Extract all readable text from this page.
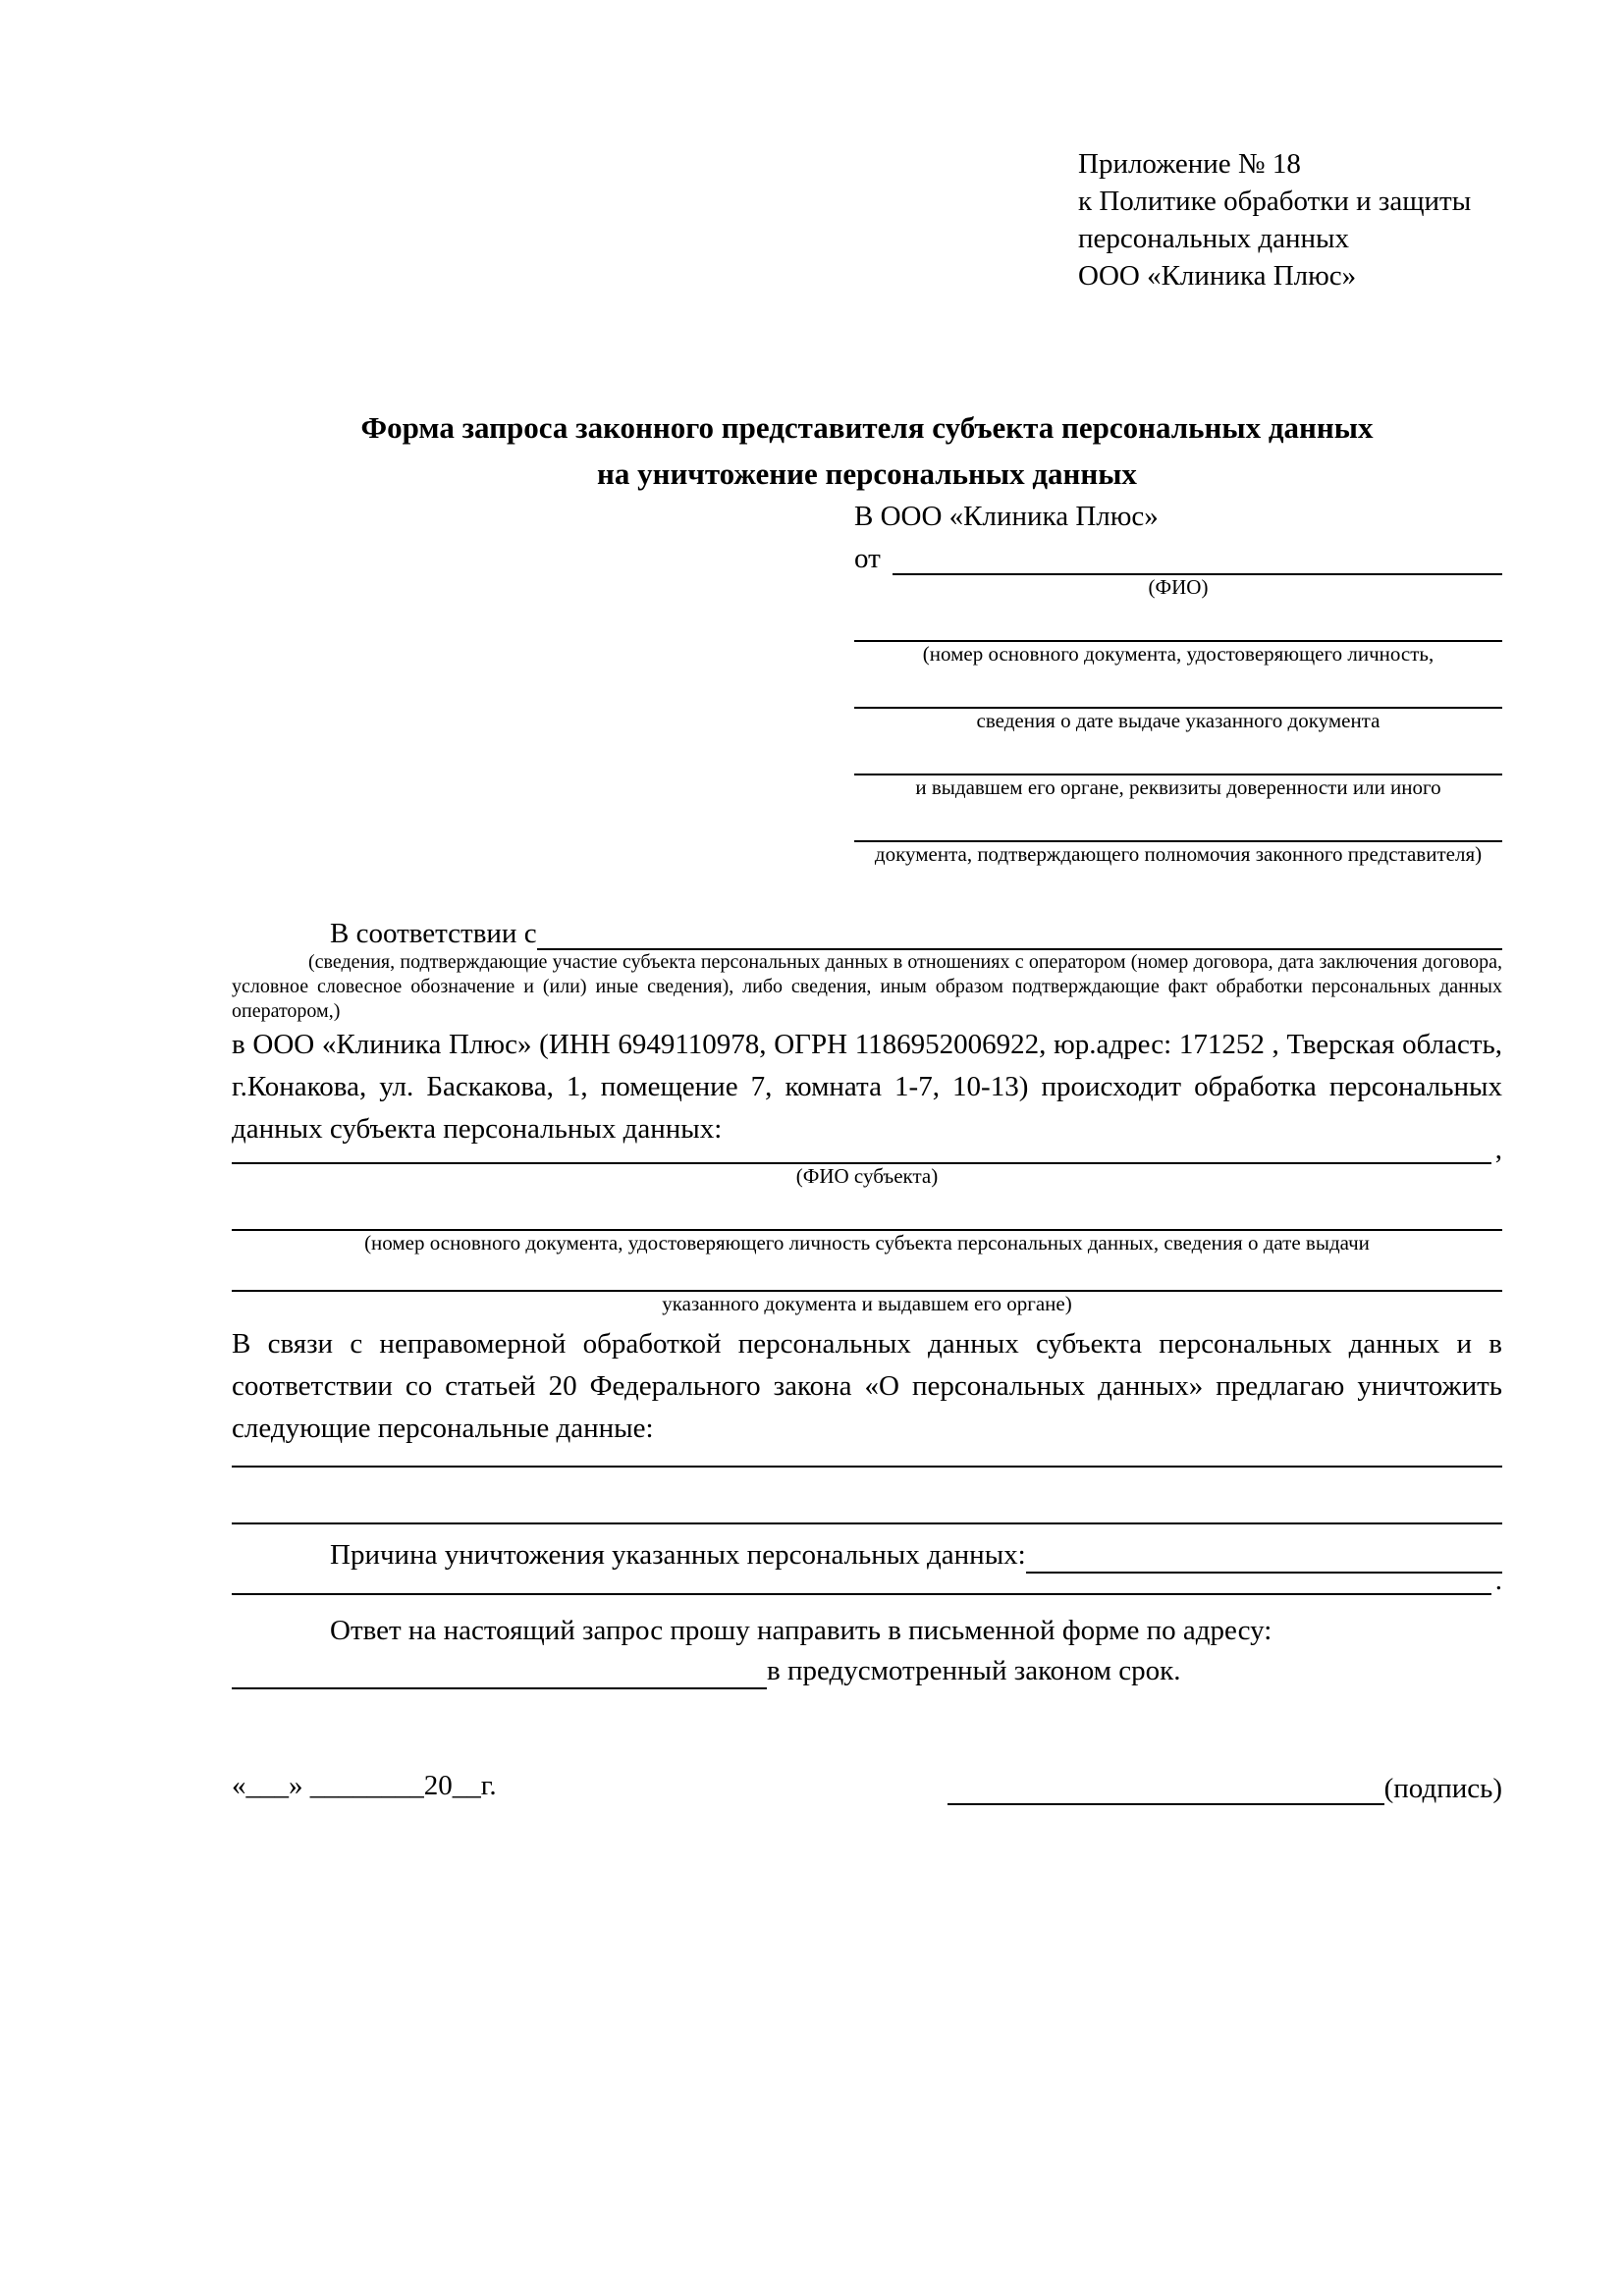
Приложение № 18
к Политике обработки и защиты
персональных данных
ООО «Клиника Плюс»
Форма запроса законного представителя субъекта персональных данных
на уничтожение персональных данных
В ООО «Клиника Плюс»
от
(ФИО)
(номер основного документа, удостоверяющего личность,
сведения о дате выдаче указанного документа
и выдавшем его органе, реквизиты доверенности или иного
документа, подтверждающего полномочия законного представителя)
В соответствии с

(сведения, подтверждающие участие субъекта персональных данных в отношениях с оператором (номер договора, дата заключения договора, условное словесное обозначение и (или) иные сведения), либо сведения, иным образом подтверждающие факт обработки персональных данных оператором,)

в ООО «Клиника Плюс» (ИНН 6949110978, ОГРН 1186952006922, юр.адрес: 171252 , Тверская область, г.Конакова, ул. Баскакова, 1, помещение 7, комната 1-7, 10-13) происходит обработка персональных данных субъекта персональных данных:

,
(ФИО субъекта)
(номер основного документа, удостоверяющего личность субъекта персональных данных, сведения о дате выдачи
указанного документа и выдавшем его органе)

В связи с неправомерной обработкой персональных данных субъекта персональных данных и в соответствии со статьей 20 Федерального закона «О персональных данных» предлагаю уничтожить следующие персональные данные:

Причина уничтожения указанных персональных данных:
.

Ответ на настоящий запрос прошу направить в письменной форме по адресу:

в предусмотренный законом срок.
«___» ________20__г.	(подпись)
